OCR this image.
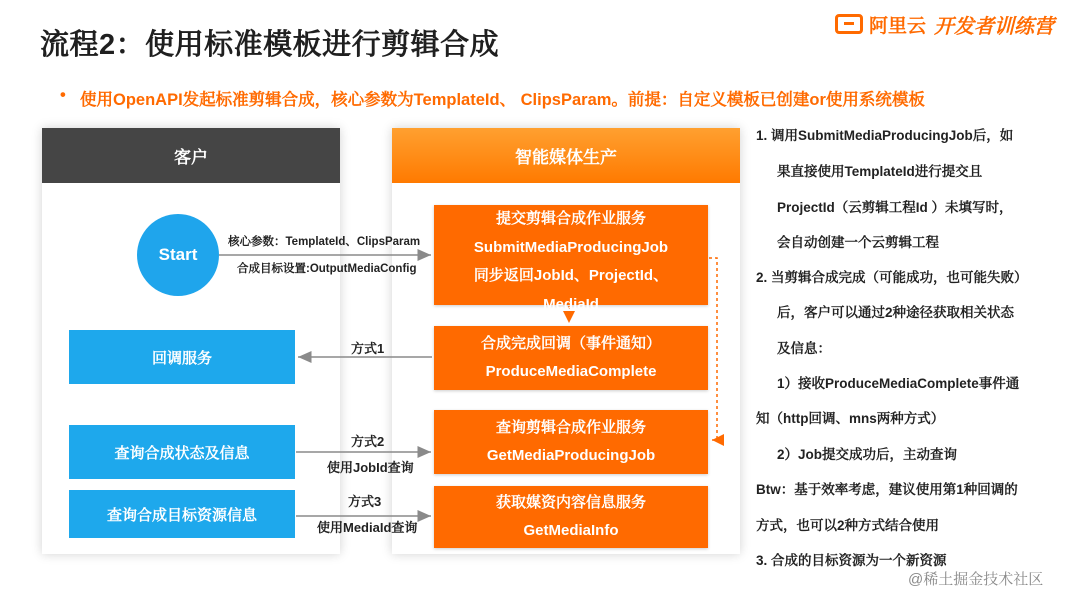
流程2：使用标准模板进行剪辑合成
阿里云 开发者训练营
• 使用OpenAPI发起标准剪辑合成，核心参数为TemplateId、 ClipsParam。前提：自定义模板已创建or使用系统模板
客户	智能媒体生产
Start
回调服务
查询合成状态及信息
查询合成目标资源信息
核心参数：TemplateId、ClipsParam
合成目标设置:OutputMediaConfig
方式1
方式2
使用JobId查询
方式3
使用MediaId查询
提交剪辑合成作业服务
SubmitMediaProducingJob
同步返回JobId、ProjectId、
MediaId
合成完成回调（事件通知）
ProduceMediaComplete
查询剪辑合成作业服务
GetMediaProducingJob
获取媒资内容信息服务
GetMediaInfo
1. 调用SubmitMediaProducingJob后，如
果直接使用TemplateId进行提交且
ProjectId（云剪辑工程Id ）未填写时，
会自动创建一个云剪辑工程
2. 当剪辑合成完成（可能成功，也可能失败）
后，客户可以通过2种途径获取相关状态
及信息：
1）接收ProduceMediaComplete事件通
知（http回调、mns两种方式）
2）Job提交成功后，主动查询
Btw：基于效率考虑，建议使用第1种回调的
方式，也可以2种方式结合使用
3. 合成的目标资源为一个新资源
@稀土掘金技术社区
